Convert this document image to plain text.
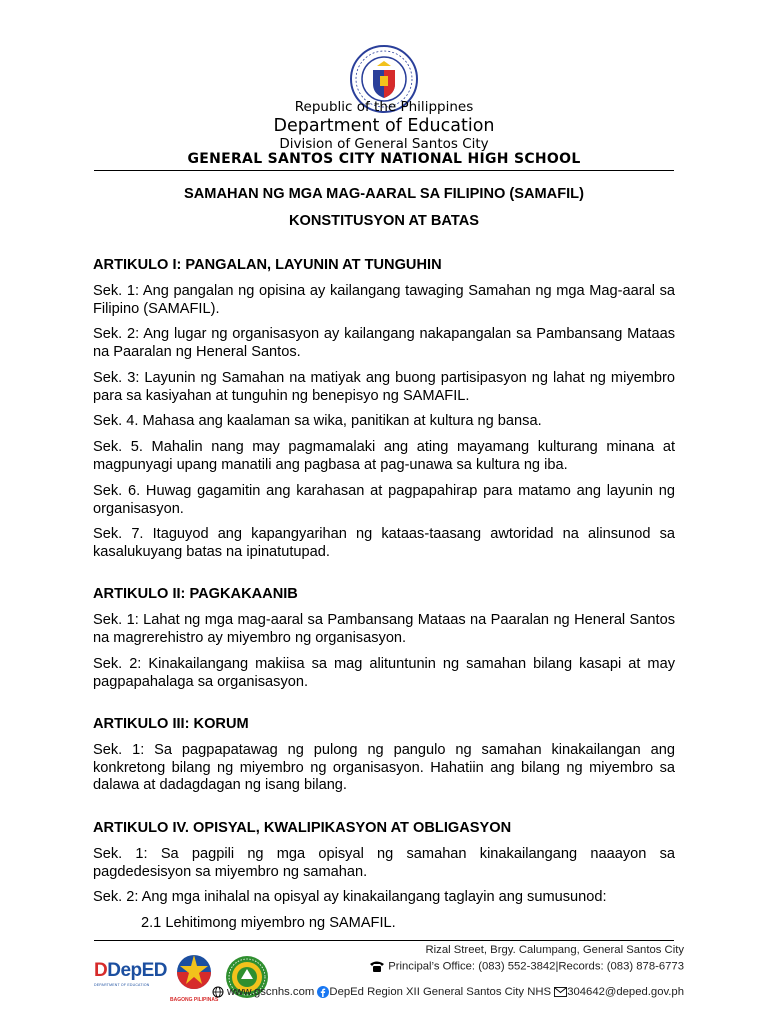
Republic of the Philippines
Department of Education
Division of General Santos City
GENERAL SANTOS CITY NATIONAL HIGH SCHOOL

SAMAHAN NG MGA MAG-AARAL SA FILIPINO (SAMAFIL)

KONSTITUSYON AT BATAS

ARTIKULO I: PANGALAN, LAYUNIN AT TUNGUHIN

Sek. 1: Ang pangalan ng opisina ay kailangang tawaging Samahan ng mga Mag-aaral sa Filipino (SAMAFIL).

Sek. 2: Ang lugar ng organisasyon ay kailangang nakapangalan sa Pambansang Mataas na Paaralan ng Heneral Santos.

Sek. 3: Layunin ng Samahan na matiyak ang buong partisipasyon ng lahat ng miyembro para sa kasiyahan at tunguhin ng benepisyo ng SAMAFIL.

Sek. 4. Mahasa ang kaalaman sa wika, panitikan at kultura ng bansa.

Sek. 5. Mahalin nang may pagmamalaki ang ating mayamang kulturang minana at magpunyagi upang manatili ang pagbasa at pag-unawa sa kultura ng iba.

Sek. 6. Huwag gagamitin ang karahasan at pagpapahirap para matamo ang layunin ng organisasyon.

Sek. 7. Itaguyod ang kapangyarihan ng kataas-taasang awtoridad na alinsunod sa kasalukuyang batas na ipinatutupad.

ARTIKULO II: PAGKAKAANIB

Sek. 1: Lahat ng mga mag-aaral sa Pambansang Mataas na Paaralan ng Heneral Santos na magrerehistro ay miyembro ng organisasyon.

Sek. 2: Kinakailangang makiisa sa mag alituntunin ng samahan bilang kasapi at may pagpapahalaga sa organisasyon.

ARTIKULO III: KORUM

Sek. 1: Sa pagpapatawag ng pulong ng pangulo ng samahan kinakailangan ang konkretong bilang ng miyembro ng organisasyon. Hahatiin ang bilang ng miyembro sa dalawa at dadagdagan ng isang bilang.

ARTIKULO IV. OPISYAL, KWALIPIKASYON AT OBLIGASYON

Sek. 1: Sa pagpili ng mga opisyal ng samahan kinakailangang naaayon sa pagdedesisyon sa miyembro ng samahan.

Sek. 2: Ang mga inihalal na opisyal ay kinakailangang taglayin ang sumusunod:

2.1 Lehitimong miyembro ng SAMAFIL.

DDepED
DEPARTMENT OF EDUCATION
BAGONG PILIPINAS
Rizal Street, Brgy. Calumpang, General Santos City
Principal’s Office: (083) 552-3842|Records: (083) 878-6773
www.gscnhs.com DepEd Region XII General Santos City NHS 304642@deped.gov.ph
